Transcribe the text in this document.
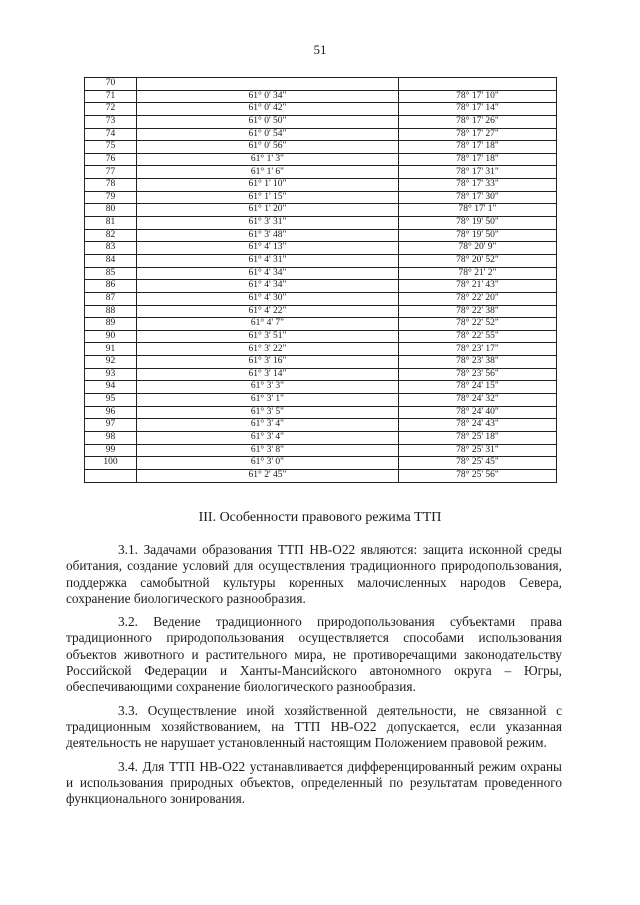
51
70		
71	61° 0' 34"	78° 17' 10"
72	61° 0' 42"	78° 17' 14"
73	61° 0' 50"	78° 17' 26"
74	61° 0' 54"	78° 17' 27"
75	61° 0' 56"	78° 17' 18"
76	61° 1' 3"	78° 17' 18"
77	61° 1' 6"	78° 17' 31"
78	61° 1' 10"	78° 17' 33"
79	61° 1' 15"	78° 17' 30"
80	61° 1' 20"	78° 17' 1"
81	61° 3' 31"	78° 19' 50"
82	61° 3' 48"	78° 19' 50"
83	61° 4' 13"	78° 20' 9"
84	61° 4' 31"	78° 20' 52"
85	61° 4' 34"	78° 21' 2"
86	61° 4' 34"	78° 21' 43"
87	61° 4' 30"	78° 22' 20"
88	61° 4' 22"	78° 22' 38"
89	61° 4' 7"	78° 22' 52"
90	61° 3' 51"	78° 22' 55"
91	61° 3' 22"	78° 23' 17"
92	61° 3' 16"	78° 23' 38"
93	61° 3' 14"	78° 23' 56"
94	61° 3' 3"	78° 24' 15"
95	61° 3' 1"	78° 24' 32"
96	61° 3' 5"	78° 24' 40"
97	61° 3' 4"	78° 24' 43"
98	61° 3' 4"	78° 25' 18"
99	61° 3' 8"	78° 25' 31"
100	61° 3' 0"	78° 25' 45"
	61° 2' 45"	78° 25' 56"
III. Особенности правового режима ТТП

3.1. Задачами образования ТТП НВ-О22 являются: защита исконной среды обитания, создание условий для осуществления традиционного природопользования, поддержка самобытной культуры коренных малочисленных народов Севера, сохранение биологического разнообразия.

3.2. Ведение традиционного природопользования субъектами права традиционного природопользования осуществляется способами использования объектов животного и растительного мира, не противоречащими законодательству Российской Федерации и Ханты-Мансийского автономного округа – Югры, обеспечивающими сохранение биологического разнообразия.

3.3. Осуществление иной хозяйственной деятельности, не связанной с традиционным хозяйствованием, на ТТП НВ-О22 допускается, если указанная деятельность не нарушает установленный настоящим Положением правовой режим.

3.4. Для ТТП НВ-О22 устанавливается дифференцированный режим охраны и использования природных объектов, определенный по результатам проведенного функционального зонирования.
